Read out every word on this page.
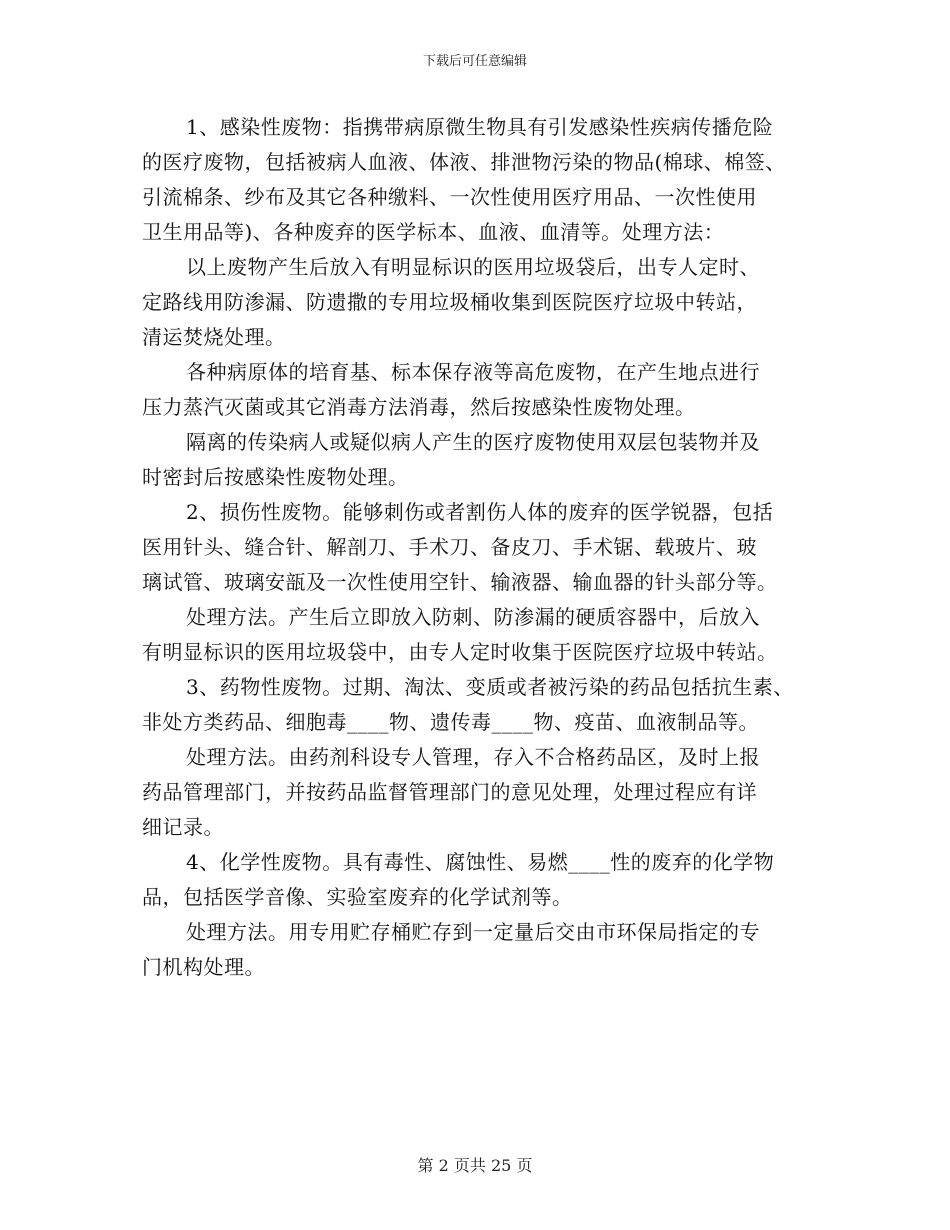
下载后可任意编辑
1、感染性废物：指携带病原微生物具有引发感染性疾病传播危险
的医疗废物，包括被病人血液、体液、排泄物污染的物品(棉球、棉签、
引流棉条、纱布及其它各种缴料、一次性使用医疗用品、一次性使用
卫生用品等)、各种废弃的医学标本、血液、血清等。处理方法：
以上废物产生后放入有明显标识的医用垃圾袋后，出专人定时、
定路线用防渗漏、防遗撒的专用垃圾桶收集到医院医疗垃圾中转站，
清运焚烧处理。
各种病原体的培育基、标本保存液等高危废物，在产生地点进行
压力蒸汽灭菌或其它消毒方法消毒，然后按感染性废物处理。
隔离的传染病人或疑似病人产生的医疗废物使用双层包装物并及
时密封后按感染性废物处理。
2、损伤性废物。能够刺伤或者割伤人体的废弃的医学锐器，包括
医用针头、缝合针、解剖刀、手术刀、备皮刀、手术锯、载玻片、玻
璃试管、玻璃安瓿及一次性使用空针、输液器、输血器的针头部分等。
处理方法。产生后立即放入防刺、防渗漏的硬质容器中，后放入
有明显标识的医用垃圾袋中，由专人定时收集于医院医疗垃圾中转站。
3、药物性废物。过期、淘汰、变质或者被污染的药品包括抗生素、
非处方类药品、细胞毒____物、遗传毒____物、疫苗、血液制品等。
处理方法。由药剂科设专人管理，存入不合格药品区，及时上报
药品管理部门，并按药品监督管理部门的意见处理，处理过程应有详
细记录。
4、化学性废物。具有毒性、腐蚀性、易燃____性的废弃的化学物
品，包括医学音像、实验室废弃的化学试剂等。
处理方法。用专用贮存桶贮存到一定量后交由市环保局指定的专
门机构处理。
第 2 页共 25 页
